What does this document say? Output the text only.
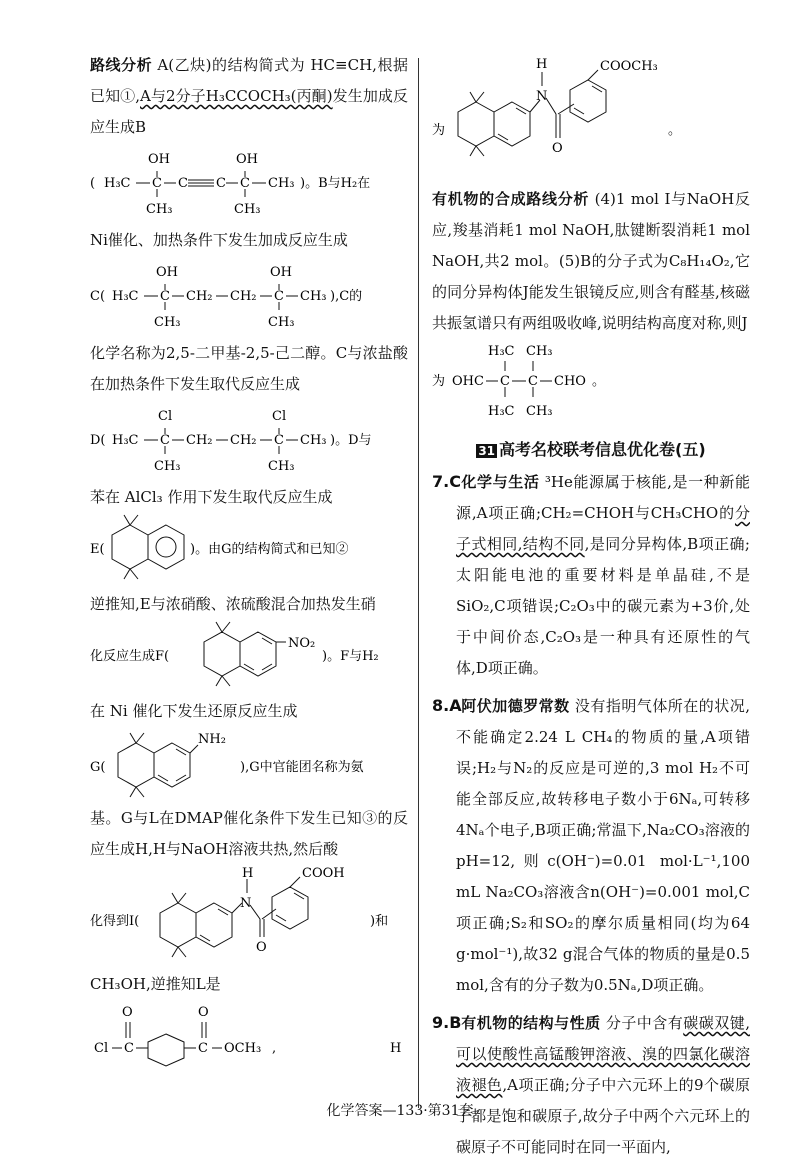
路线分析 A(乙炔)的结构简式为 HC≡CH,根据已知①,A与2分子H₃CCOCH₃(丙酮)发生加成反应生成B

( H₃C C
OH
CH₃
C C C
OH
CH₃
CH₃ )。B与H₂在

Ni催化、加热条件下发生加成反应生成

C( H₃C C
OH
CH₃
CH₂ CH₂ C
OH
CH₃
CH₃ ),C的

化学名称为2,5-二甲基-2,5-己二醇。C与浓盐酸在加热条件下发生取代反应生成

D( H₃C C
Cl
CH₃
CH₂ CH₂ C
Cl
CH₃
CH₃ )。D与

苯在 AlCl₃ 作用下发生取代反应生成

E(	)。由G的结构简式和已知②

逆推知,E与浓硝酸、浓硫酸混合加热发生硝

化反应生成F(
NO₂
)。F与H₂

在 Ni 催化下发生还原反应生成

G(
NH₂
),G中官能团名称为氨

基。G与L在DMAP催化条件下发生已知③的反应生成H,H与NaOH溶液共热,然后酸

化得到I(
H
N
O
COOH
)和

CH₃OH,逆推知L是

Cl C	C
O	O
OCH₃ ,	H
为
H
N
O
COOCH₃
。

有机物的合成路线分析 (4)1 mol I与NaOH反应,羧基消耗1 mol NaOH,肽键断裂消耗1 mol NaOH,共2 mol。(5)B的分子式为C₈H₁₄O₂,它的同分异构体J能发生银镜反应,则含有醛基,核磁共振氢谱只有两组吸收峰,说明结构高度对称,则J

为 OHC C C
H₃C CH₃
H₃C CH₃
CHO 。
31 高考名校联考信息优化卷(五)

7.C 化学与生活 ³He能源属于核能,是一种新能源,A项正确;CH₂=CHOH与CH₃CHO的分子式相同,结构不同,是同分异构体,B项正确;太阳能电池的重要材料是单晶硅,不是SiO₂,C项错误;C₂O₃中的碳元素为+3价,处于中间价态,C₂O₃是一种具有还原性的气体,D项正确。

8.A 阿伏加德罗常数 没有指明气体所在的状况,不能确定2.24 L CH₄的物质的量,A项错误;H₂与N₂的反应是可逆的,3 mol H₂不可能全部反应,故转移电子数小于6Nₐ,可转移4Nₐ个电子,B项正确;常温下,Na₂CO₃溶液的pH=12,则c(OH⁻)=0.01 mol·L⁻¹,100 mL Na₂CO₃溶液含n(OH⁻)=0.001 mol,C项正确;S₂和SO₂的摩尔质量相同(均为64 g·mol⁻¹),故32 g混合气体的物质的量是0.5 mol,含有的分子数为0.5Nₐ,D项正确。

9.B 有机物的结构与性质 分子中含有碳碳双键,可以使酸性高锰酸钾溶液、溴的四氯化碳溶液褪色,A项正确;分子中六元环上的9个碳原子都是饱和碳原子,故分子中两个六元环上的碳原子不可能同时在同一平面内,

化学答案—133·第31套
